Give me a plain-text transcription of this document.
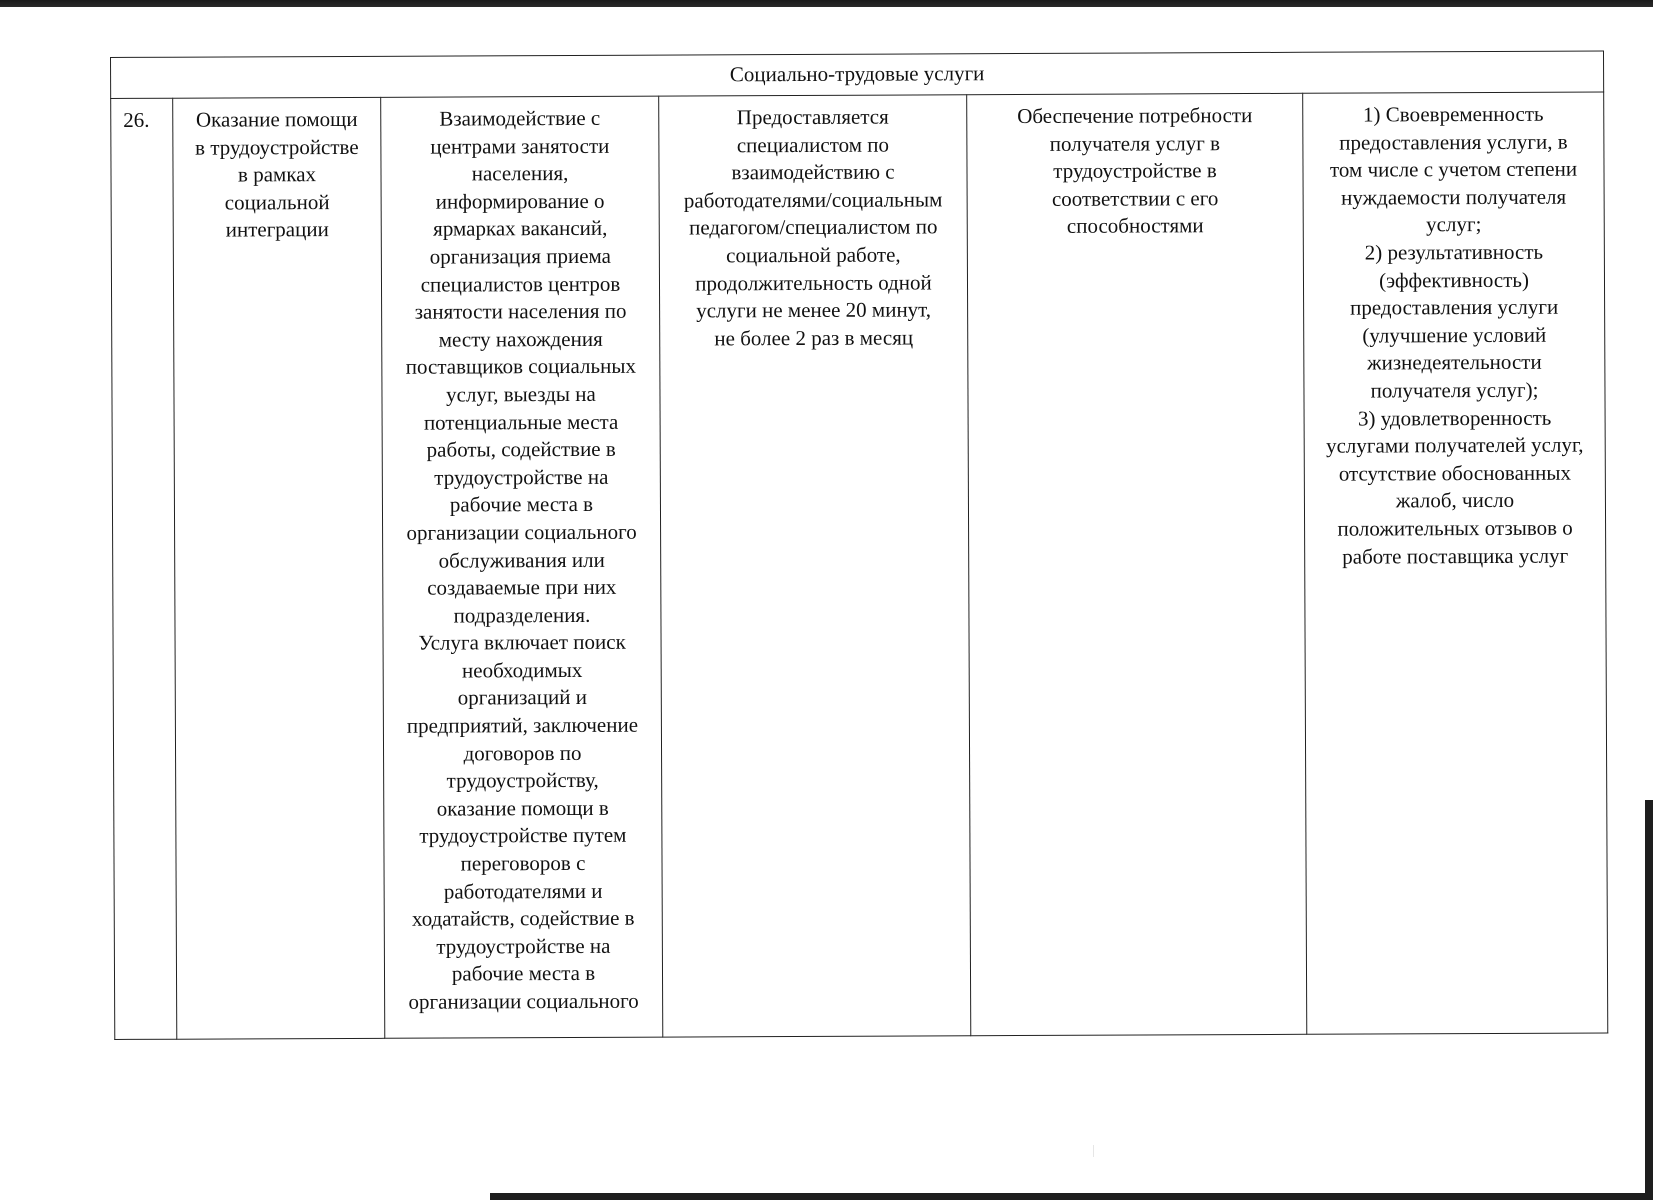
Социально-трудовые услуги
26.	Оказание помощи
в трудоустройстве
в рамках
социальной
интеграции	Взаимодействие с
центрами занятости
населения,
информирование о
ярмарках вакансий,
организация приема
специалистов центров
занятости населения по
месту нахождения
поставщиков социальных
услуг, выезды на
потенциальные места
работы, содействие в
трудоустройстве на
рабочие места в
организации социального
обслуживания или
создаваемые при них
подразделения.
Услуга включает поиск
необходимых
организаций и
предприятий, заключение
договоров по
трудоустройству,
оказание помощи в
трудоустройстве путем
переговоров с
работодателями и
ходатайств, содействие в
трудоустройстве на
рабочие места в
организации социального	Предоставляется
специалистом по
взаимодействию с
работодателями/социальным
педагогом/специалистом по
социальной работе,
продолжительность одной
услуги не менее 20 минут,
не более 2 раз в месяц	Обеспечение потребности
получателя услуг в
трудоустройстве в
соответствии с его
способностями	1) Своевременность
предоставления услуги, в
том числе с учетом степени
нуждаемости получателя
услуг;
2) результативность
(эффективность)
предоставления услуги
(улучшение условий
жизнедеятельности
получателя услуг);
3) удовлетворенность
услугами получателей услуг,
отсутствие обоснованных
жалоб, число
положительных отзывов о
работе поставщика услуг
